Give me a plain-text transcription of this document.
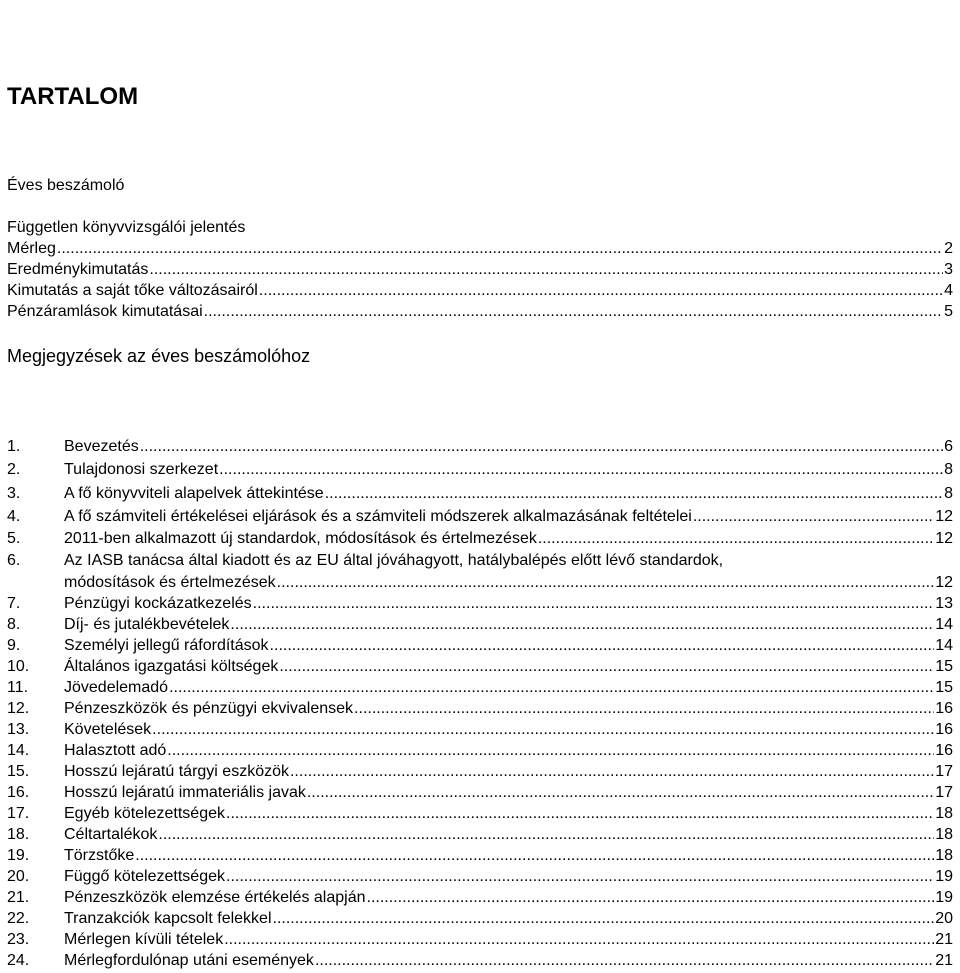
TARTALOM
Éves beszámoló
Független könyvvizsgálói jelentés
Mérleg .....	2
Eredménykimutatás .....	3
Kimutatás a saját tőke változásairól .....	4
Pénzáramlások kimutatásai .....	5
Megjegyzések az éves beszámolóhoz
1.	Bevezetés .....	6
2.	Tulajdonosi szerkezet .....	8
3.	A fő könyvviteli alapelvek áttekintése .....	8
4.	A fő számviteli értékelései eljárások és a számviteli módszerek alkalmazásának feltételei .....	12
5.	2011-ben alkalmazott új standardok, módosítások és értelmezések .....	12
6.	Az IASB tanácsa által kiadott és az EU által jóváhagyott, hatálybalépés előtt lévő standardok,
módosítások és értelmezések .....	12
7.	Pénzügyi kockázatkezelés .....	13
8.	Díj- és jutalékbevételek .....	14
9.	Személyi jellegű ráfordítások .....	14
10.	Általános igazgatási költségek .....	15
11.	Jövedelemadó .....	15
12.	Pénzeszközök és pénzügyi ekvivalensek .....	16
13.	Követelések .....	16
14.	Halasztott adó .....	16
15.	Hosszú lejáratú tárgyi eszközök .....	17
16.	Hosszú lejáratú immateriális javak .....	17
17.	Egyéb kötelezettségek .....	18
18.	Céltartalékok .....	18
19.	Törzstőke .....	18
20.	Függő kötelezettségek .....	19
21.	Pénzeszközök elemzése értékelés alapján .....	19
22.	Tranzakciók kapcsolt felekkel .....	20
23.	Mérlegen kívüli tételek .....	21
24.	Mérlegfordulónap utáni események .....	21
